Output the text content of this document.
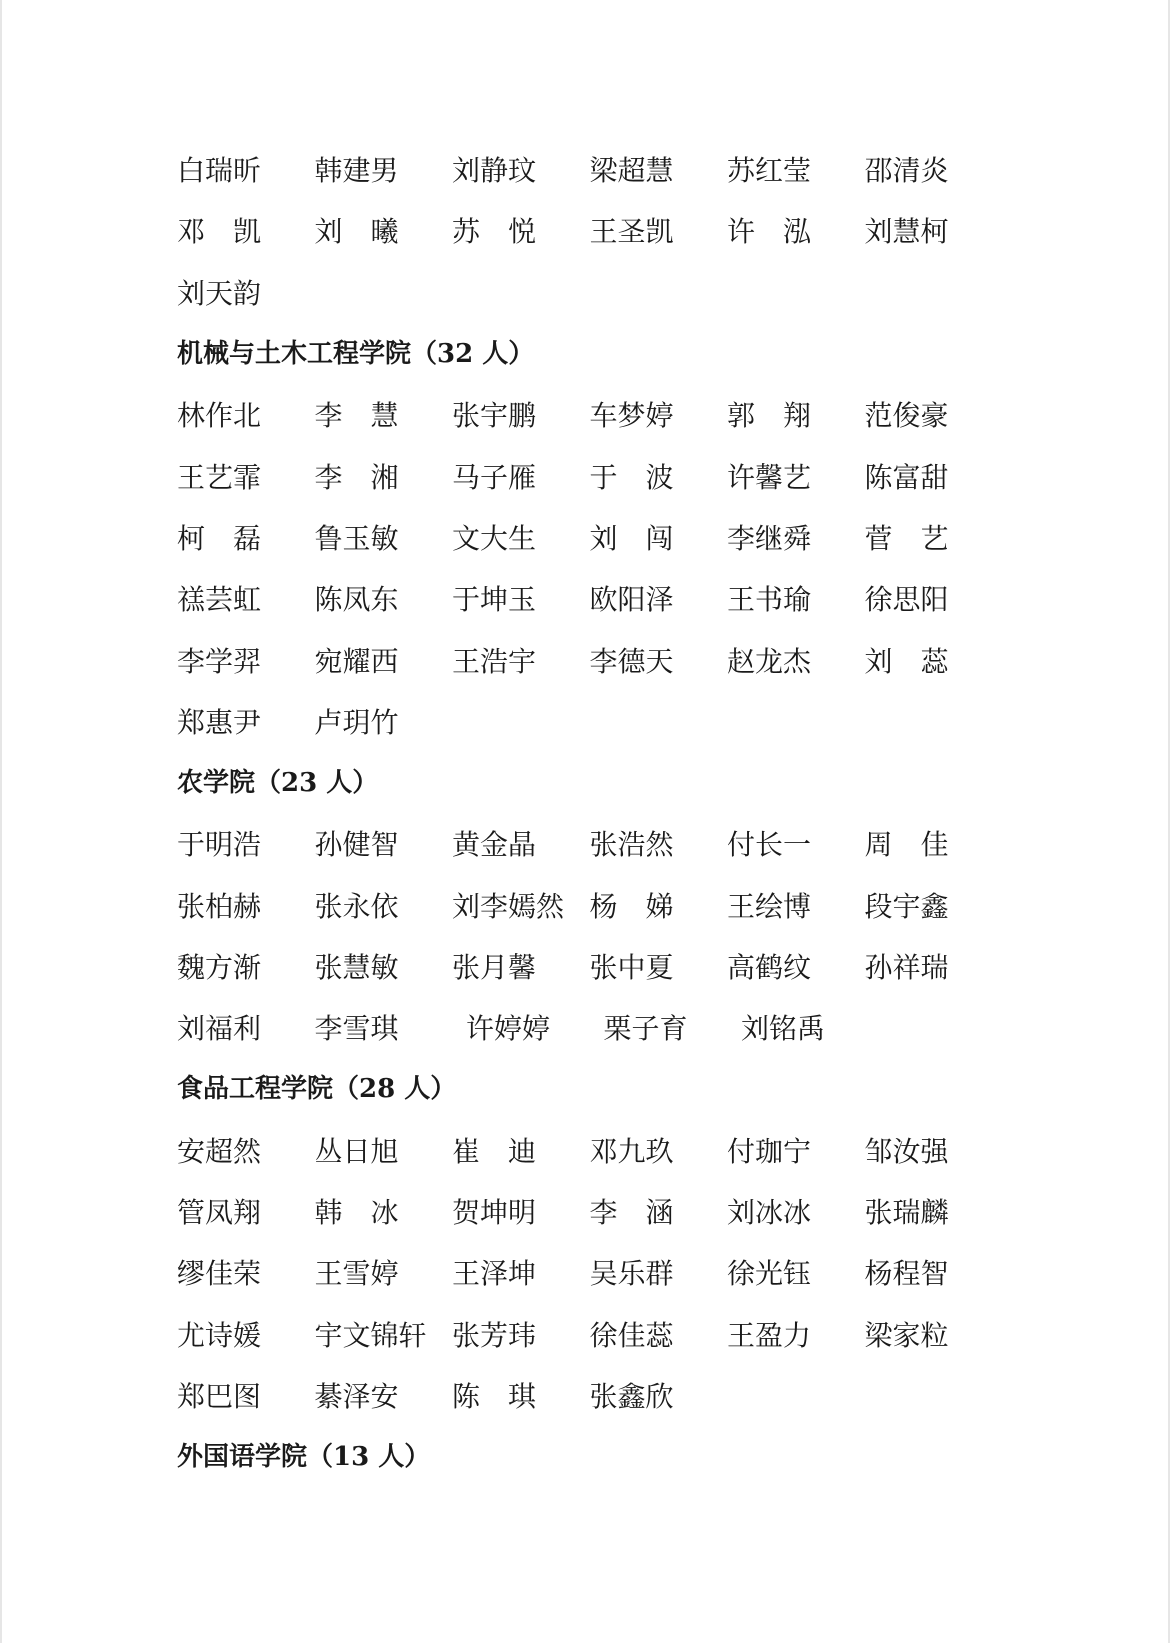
白瑞昕	韩建男	刘静玟	梁超慧	苏红莹	邵清炎
邓　凯	刘　曦	苏　悦	王圣凯	许　泓	刘慧柯
刘天韵
机械与土木工程学院（32 人）
林作北	李　慧	张宇鹏	车梦婷	郭　翔	范俊豪
王艺霏	李　湘	马子雁	于　波	许馨艺	陈富甜
柯　磊	鲁玉敏	文大生	刘　闯	李继舜	菅　艺
禚芸虹	陈凤东	于坤玉	欧阳泽	王书瑜	徐思阳
李学羿	宛耀西	王浩宇	李德天	赵龙杰	刘　蕊
郑惠尹	卢玥竹
农学院（23 人）
于明浩	孙健智	黄金晶	张浩然	付长一	周　佳
张柏赫	张永依	刘李嫣然 杨　娣	王绘博	段宇鑫
魏方渐	张慧敏	张月馨	张中夏	高鹤纹	孙祥瑞
刘福利	李雪琪	许婷婷	栗子育	刘铭禹
食品工程学院（28 人）
安超然	丛日旭	崔　迪	邓九玖	付珈宁	邹汝强
管凤翔	韩　冰	贺坤明	李　涵	刘冰冰	张瑞麟
缪佳荣	王雪婷	王泽坤	吴乐群	徐光钰	杨程智
尤诗媛	宇文锦轩 张芳玮	徐佳蕊	王盈力	梁家粒
郑巴图	綦泽安	陈　琪	张鑫欣
外国语学院（13 人）
